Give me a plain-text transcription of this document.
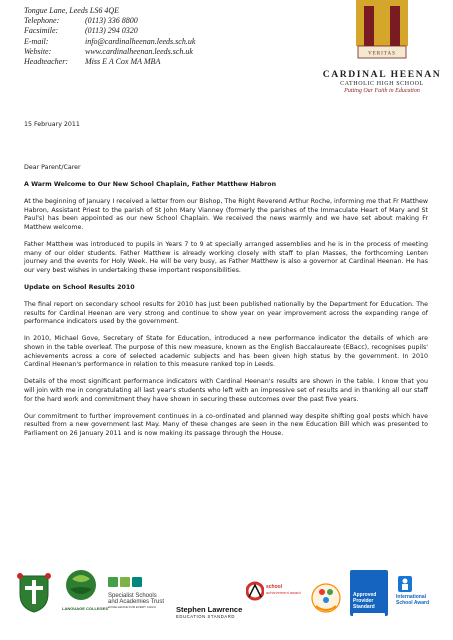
Tongue Lane, Leeds LS6 4QE
Telephone:	(0113) 336 8800
Facsimile:	(0113) 294 0320
E-mail:	info@cardinalheenan.leeds.sch.uk
Website:	www.cardinalheenan.leeds.sch.uk
Headteacher:	Miss E A Cox MA MBA
VERITAS
CARDINAL HEENAN
CATHOLIC HIGH SCHOOL
Putting Our Faith in Education

15 February 2011

Dear Parent/Carer

A Warm Welcome to Our New School Chaplain, Father Matthew Habron

At the beginning of January I received a letter from our Bishop, The Right Reverend Arthur Roche, informing me that Fr Matthew Habron, Assistant Priest to the parish of St John Mary Vianney (formerly the parishes of the Immaculate Heart of Mary and St Paul's) has been appointed as our new School Chaplain. We received the news warmly and we have set about making Fr Matthew welcome.

Father Matthew was introduced to pupils in Years 7 to 9 at specially arranged assemblies and he is in the process of meeting many of our older students. Father Matthew is already working closely with staff to plan Masses, the forthcoming Lenten journey and the events for Holy Week. He will be very busy, as Father Matthew is also a governor at Cardinal Heenan. He has our very best wishes in undertaking these important responsibilities.

Update on School Results 2010

The final report on secondary school results for 2010 has just been published nationally by the Department for Education. The results for Cardinal Heenan are very strong and continue to show year on year improvement across the expanding range of performance indicators used by the government.

In 2010, Michael Gove, Secretary of State for Education, introduced a new performance indicator the details of which are shown in the table overleaf. The purpose of this new measure, known as the English Baccalaureate (EBacc), recognises pupils' achievements across a core of selected academic subjects and has been given high status by the government. In 2010 Cardinal Heenan's performance in relation to this measure ranked top in Leeds.

Details of the most significant performance indicators with Cardinal Heenan's results are shown in the table. I know that you will join with me in congratulating all last year's students who left with an impressive set of results and in thanking all our staff for the hard work and commitment they have shown in securing these outcomes over the past five years.

Our commitment to further improvement continues in a co-ordinated and planned way despite shifting goal posts which have resulted from a new government last May. Many of these changes are seen in the new Education Bill which was presented to Parliament on 26 January 2011 and is now making its passage through the House.

LANGUAGE COLLEGES
Specialist Schools
and Academies Trust
EXCELLENCE FOR EVERY CHILD	Stephen Lawrence
EDUCATION STANDARD
school
achievement award	Approved
Provider
Standard
International
School Award
